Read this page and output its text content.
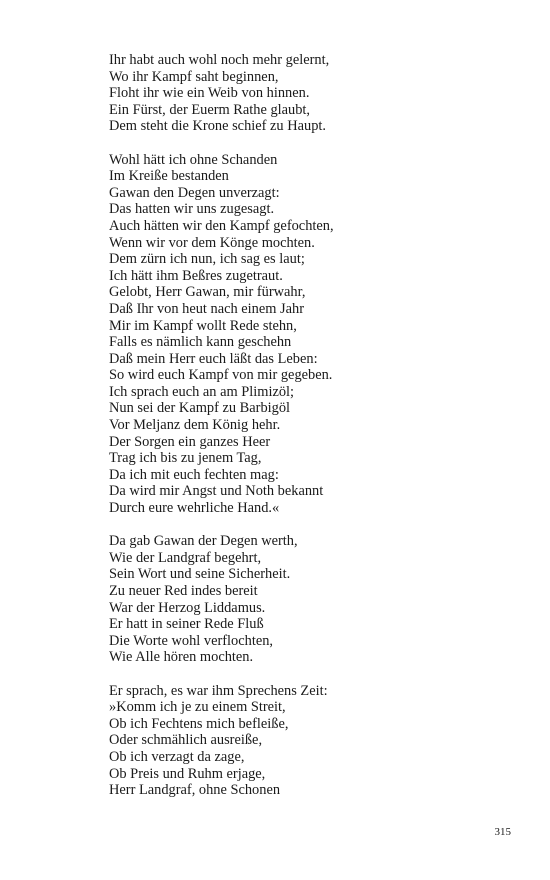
Ihr habt auch wohl noch mehr gelernt,
Wo ihr Kampf saht beginnen,
Floht ihr wie ein Weib von hinnen.
Ein Fürst, der Euerm Rathe glaubt,
Dem steht die Krone schief zu Haupt.
Wohl hätt ich ohne Schanden
Im Kreiße bestanden
Gawan den Degen unverzagt:
Das hatten wir uns zugesagt.
Auch hätten wir den Kampf gefochten,
Wenn wir vor dem Könge mochten.
Dem zürn ich nun, ich sag es laut;
Ich hätt ihm Beßres zugetraut.
Gelobt, Herr Gawan, mir fürwahr,
Daß Ihr von heut nach einem Jahr
Mir im Kampf wollt Rede stehn,
Falls es nämlich kann geschehn
Daß mein Herr euch läßt das Leben:
So wird euch Kampf von mir gegeben.
Ich sprach euch an am Plimizöl;
Nun sei der Kampf zu Barbigöl
Vor Meljanz dem König hehr.
Der Sorgen ein ganzes Heer
Trag ich bis zu jenem Tag,
Da ich mit euch fechten mag:
Da wird mir Angst und Noth bekannt
Durch eure wehrliche Hand.«
Da gab Gawan der Degen werth,
Wie der Landgraf begehrt,
Sein Wort und seine Sicherheit.
Zu neuer Red indes bereit
War der Herzog Liddamus.
Er hatt in seiner Rede Fluß
Die Worte wohl verflochten,
Wie Alle hören mochten.
Er sprach, es war ihm Sprechens Zeit:
»Komm ich je zu einem Streit,
Ob ich Fechtens mich befleiße,
Oder schmählich ausreiße,
Ob ich verzagt da zage,
Ob Preis und Ruhm erjage,
Herr Landgraf, ohne Schonen
315
